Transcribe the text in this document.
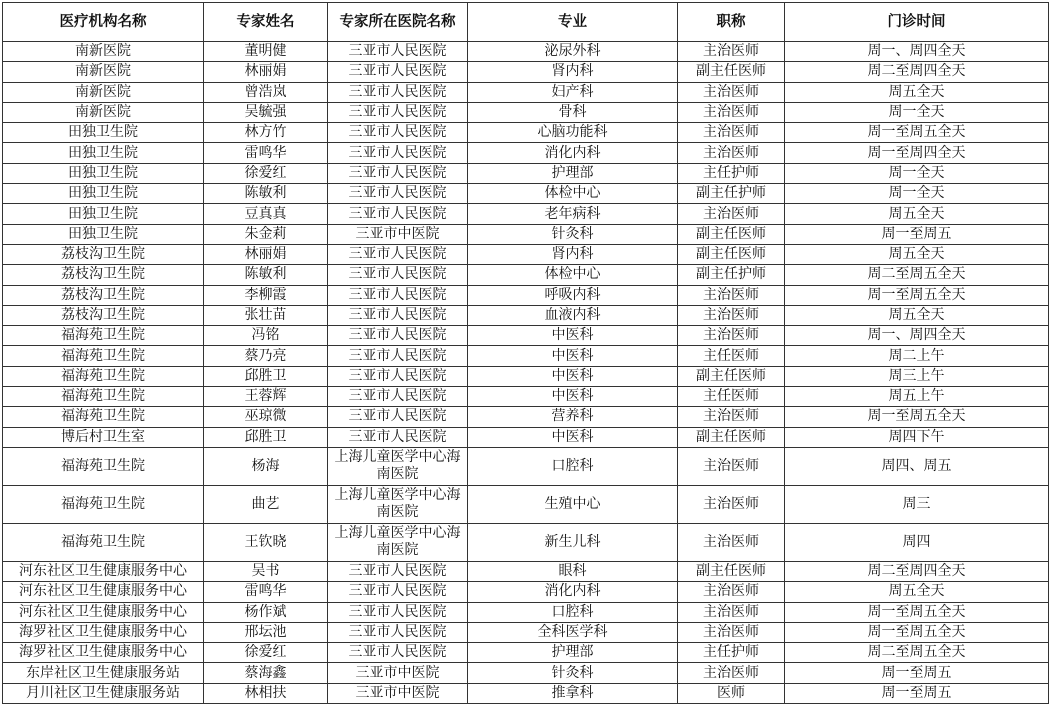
医疗机构名称	专家姓名	专家所在医院名称	专业	职称	门诊时间
南新医院	董明健	三亚市人民医院	泌尿外科	主治医师	周一、周四全天
南新医院	林丽娟	三亚市人民医院	肾内科	副主任医师	周二至周四全天
南新医院	曾浩岚	三亚市人民医院	妇产科	主治医师	周五全天
南新医院	吴毓强	三亚市人民医院	骨科	主治医师	周一全天
田独卫生院	林方竹	三亚市人民医院	心脑功能科	主治医师	周一至周五全天
田独卫生院	雷鸣华	三亚市人民医院	消化内科	主治医师	周一至周四全天
田独卫生院	徐爱红	三亚市人民医院	护理部	主任护师	周一全天
田独卫生院	陈敏利	三亚市人民医院	体检中心	副主任护师	周一全天
田独卫生院	豆真真	三亚市人民医院	老年病科	主治医师	周五全天
田独卫生院	朱金莉	三亚市中医院	针灸科	副主任医师	周一至周五
荔枝沟卫生院	林丽娟	三亚市人民医院	肾内科	副主任医师	周五全天
荔枝沟卫生院	陈敏利	三亚市人民医院	体检中心	副主任护师	周二至周五全天
荔枝沟卫生院	李柳霞	三亚市人民医院	呼吸内科	主治医师	周一至周五全天
荔枝沟卫生院	张壮苗	三亚市人民医院	血液内科	主治医师	周五全天
福海苑卫生院	冯铭	三亚市人民医院	中医科	主治医师	周一、周四全天
福海苑卫生院	蔡乃亮	三亚市人民医院	中医科	主任医师	周二上午
福海苑卫生院	邱胜卫	三亚市人民医院	中医科	副主任医师	周三上午
福海苑卫生院	王蓉辉	三亚市人民医院	中医科	主任医师	周五上午
福海苑卫生院	巫琼微	三亚市人民医院	营养科	主治医师	周一至周五全天
博后村卫生室	邱胜卫	三亚市人民医院	中医科	副主任医师	周四下午
福海苑卫生院	杨海	上海儿童医学中心海南医院	口腔科	主治医师	周四、周五
福海苑卫生院	曲艺	上海儿童医学中心海南医院	生殖中心	主治医师	周三
福海苑卫生院	王钦晓	上海儿童医学中心海南医院	新生儿科	主治医师	周四
河东社区卫生健康服务中心	吴书	三亚市人民医院	眼科	副主任医师	周二至周四全天
河东社区卫生健康服务中心	雷鸣华	三亚市人民医院	消化内科	主治医师	周五全天
河东社区卫生健康服务中心	杨作斌	三亚市人民医院	口腔科	主治医师	周一至周五全天
海罗社区卫生健康服务中心	邢坛池	三亚市人民医院	全科医学科	主治医师	周一至周五全天
海罗社区卫生健康服务中心	徐爱红	三亚市人民医院	护理部	主任护师	周二至周五全天
东岸社区卫生健康服务站	蔡海鑫	三亚市中医院	针灸科	主治医师	周一至周五
月川社区卫生健康服务站	林相扶	三亚市中医院	推拿科	医师	周一至周五
